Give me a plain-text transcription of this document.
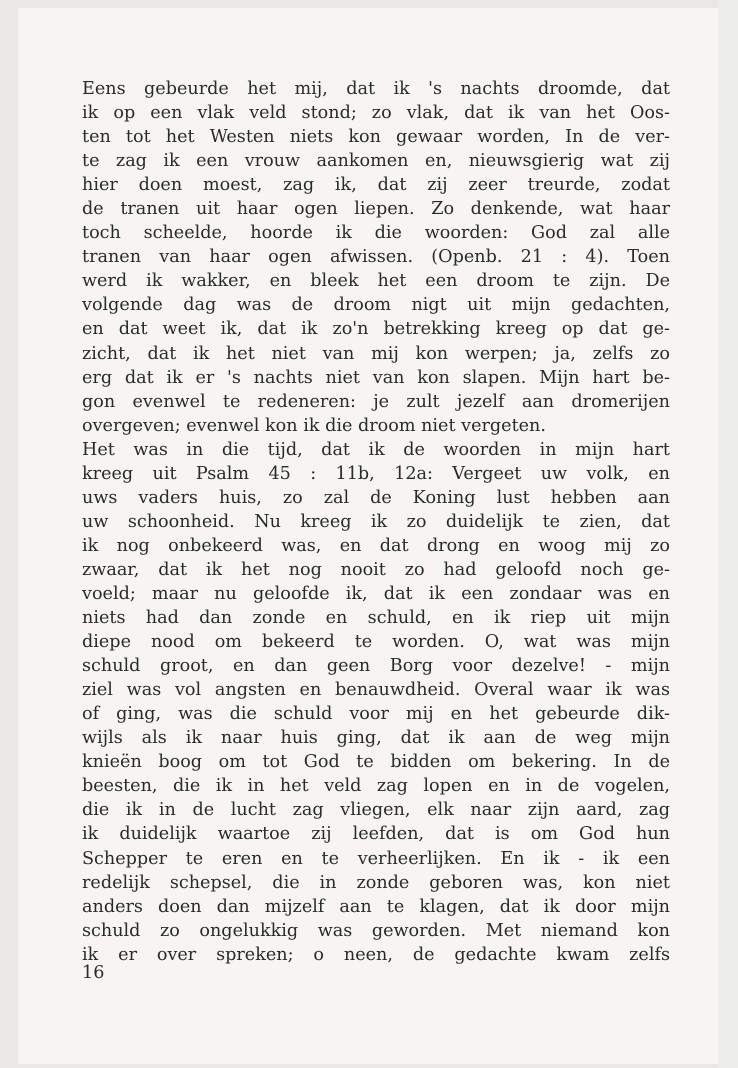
Eens gebeurde het mij, dat ik 's nachts droomde, dat
ik op een vlak veld stond; zo vlak, dat ik van het Oos-
ten tot het Westen niets kon gewaar worden, In de ver-
te zag ik een vrouw aankomen en, nieuwsgierig wat zij
hier doen moest, zag ik, dat zij zeer treurde, zodat
de tranen uit haar ogen liepen. Zo denkende, wat haar
toch scheelde, hoorde ik die woorden: God zal alle
tranen van haar ogen afwissen. (Openb. 21 : 4). Toen
werd ik wakker, en bleek het een droom te zijn. De
volgende dag was de droom nigt uit mijn gedachten,
en dat weet ik, dat ik zo'n betrekking kreeg op dat ge-
zicht, dat ik het niet van mij kon werpen; ja, zelfs zo
erg dat ik er 's nachts niet van kon slapen. Mijn hart be-
gon evenwel te redeneren: je zult jezelf aan dromerijen
overgeven; evenwel kon ik die droom niet vergeten.
Het was in die tijd, dat ik de woorden in mijn hart
kreeg uit Psalm 45 : 11b, 12a: Vergeet uw volk, en
uws vaders huis, zo zal de Koning lust hebben aan
uw schoonheid. Nu kreeg ik zo duidelijk te zien, dat
ik nog onbekeerd was, en dat drong en woog mij zo
zwaar, dat ik het nog nooit zo had geloofd noch ge-
voeld; maar nu geloofde ik, dat ik een zondaar was en
niets had dan zonde en schuld, en ik riep uit mijn
diepe nood om bekeerd te worden. O, wat was mijn
schuld groot, en dan geen Borg voor dezelve! - mijn
ziel was vol angsten en benauwdheid. Overal waar ik was
of ging, was die schuld voor mij en het gebeurde dik-
wijls als ik naar huis ging, dat ik aan de weg mijn
knieën boog om tot God te bidden om bekering. In de
beesten, die ik in het veld zag lopen en in de vogelen,
die ik in de lucht zag vliegen, elk naar zijn aard, zag
ik duidelijk waartoe zij leefden, dat is om God hun
Schepper te eren en te verheerlijken. En ik - ik een
redelijk schepsel, die in zonde geboren was, kon niet
anders doen dan mijzelf aan te klagen, dat ik door mijn
schuld zo ongelukkig was geworden. Met niemand kon
ik er over spreken; o neen, de gedachte kwam zelfs
16
